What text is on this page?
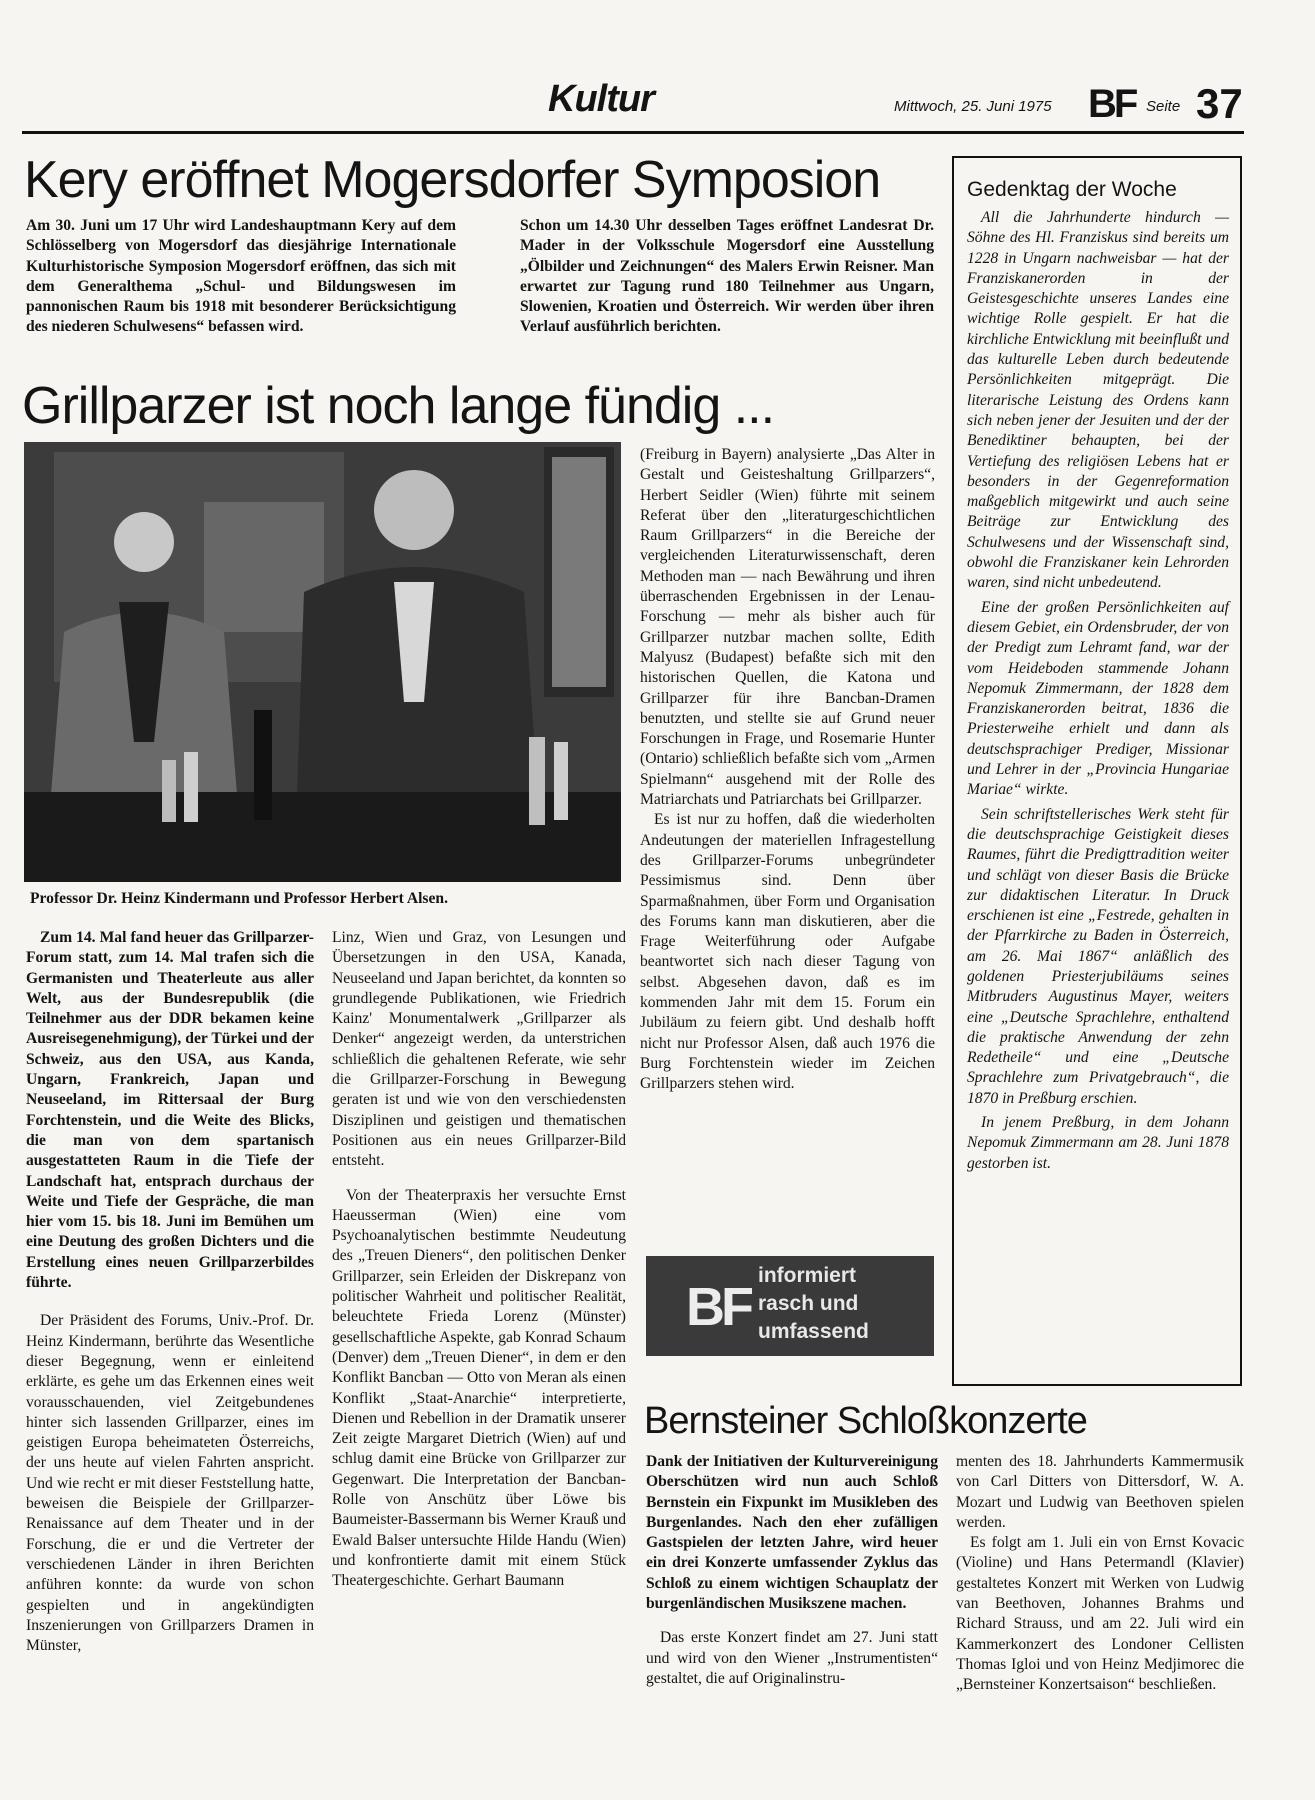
Kultur	Mittwoch, 25. Juni 1975 BF Seite 37
Kery eröffnet Mogersdorfer Symposion
Am 30. Juni um 17 Uhr wird Landeshauptmann Kery auf dem Schlösselberg von Mogersdorf das diesjährige Internationale Kulturhistorische Symposion Mogersdorf eröffnen, das sich mit dem Generalthema „Schul- und Bildungswesen im pannonischen Raum bis 1918 mit besonderer Berücksichtigung des niederen Schulwesens“ befassen wird.
Schon um 14.30 Uhr desselben Tages eröffnet Landesrat Dr. Mader in der Volksschule Mogersdorf eine Ausstellung „Ölbilder und Zeichnungen“ des Malers Erwin Reisner. Man erwartet zur Tagung rund 180 Teilnehmer aus Ungarn, Slowenien, Kroatien und Österreich. Wir werden über ihren Verlauf ausführlich berichten.
Grillparzer ist noch lange fündig ...
Professor Dr. Heinz Kindermann und Professor Herbert Alsen.

(Freiburg in Bayern) analysierte „Das Alter in Gestalt und Geisteshaltung Grillparzers“, Herbert Seidler (Wien) führte mit seinem Referat über den „literaturgeschichtlichen Raum Grillparzers“ in die Bereiche der vergleichenden Literaturwissenschaft, deren Methoden man — nach Bewährung und ihren überraschenden Ergebnissen in der Lenau-Forschung — mehr als bisher auch für Grillparzer nutzbar machen sollte, Edith Malyusz (Budapest) befaßte sich mit den historischen Quellen, die Katona und Grillparzer für ihre Bancban-Dramen benutzten, und stellte sie auf Grund neuer Forschungen in Frage, und Rosemarie Hunter (Ontario) schließlich befaßte sich vom „Armen Spielmann“ ausgehend mit der Rolle des Matriarchats und Patriarchats bei Grillparzer.

Es ist nur zu hoffen, daß die wiederholten Andeutungen der materiellen Infragestellung des Grillparzer-Forums unbegründeter Pessimismus sind. Denn über Sparmaßnahmen, über Form und Organisation des Forums kann man diskutieren, aber die Frage Weiterführung oder Aufgabe beantwortet sich nach dieser Tagung von selbst. Abgesehen davon, daß es im kommenden Jahr mit dem 15. Forum ein Jubiläum zu feiern gibt. Und deshalb hofft nicht nur Professor Alsen, daß auch 1976 die Burg Forchtenstein wieder im Zeichen Grillparzers stehen wird.

Zum 14. Mal fand heuer das Grillparzer-Forum statt, zum 14. Mal trafen sich die Germanisten und Theaterleute aus aller Welt, aus der Bundesrepublik (die Teilnehmer aus der DDR bekamen keine Ausreisegenehmigung), der Türkei und der Schweiz, aus den USA, aus Kanda, Ungarn, Frankreich, Japan und Neuseeland, im Rittersaal der Burg Forchtenstein, und die Weite des Blicks, die man von dem spartanisch ausgestatteten Raum in die Tiefe der Landschaft hat, entsprach durchaus der Weite und Tiefe der Gespräche, die man hier vom 15. bis 18. Juni im Bemühen um eine Deutung des großen Dichters und die Erstellung eines neuen Grillparzerbildes führte.

Der Präsident des Forums, Univ.-Prof. Dr. Heinz Kindermann, berührte das Wesentliche dieser Begegnung, wenn er einleitend erklärte, es gehe um das Erkennen eines weit vorausschauenden, viel Zeitgebundenes hinter sich lassenden Grillparzer, eines im geistigen Europa beheimateten Österreichs, der uns heute auf vielen Fahrten anspricht. Und wie recht er mit dieser Feststellung hatte, beweisen die Beispiele der Grillparzer-Renaissance auf dem Theater und in der Forschung, die er und die Vertreter der verschiedenen Länder in ihren Berichten anführen konnte: da wurde von schon gespielten und in angekündigten Inszenierungen von Grillparzers Dramen in Münster,

Linz, Wien und Graz, von Lesungen und Übersetzungen in den USA, Kanada, Neuseeland und Japan berichtet, da konnten so grundlegende Publikationen, wie Friedrich Kainz' Monumentalwerk „Grillparzer als Denker“ angezeigt werden, da unterstrichen schließlich die gehaltenen Referate, wie sehr die Grillparzer-Forschung in Bewegung geraten ist und wie von den verschiedensten Disziplinen und geistigen und thematischen Positionen aus ein neues Grillparzer-Bild entsteht.

Von der Theaterpraxis her versuchte Ernst Haeusserman (Wien) eine vom Psychoanalytischen bestimmte Neudeutung des „Treuen Dieners“, den politischen Denker Grillparzer, sein Erleiden der Diskrepanz von politischer Wahrheit und politischer Realität, beleuchtete Frieda Lorenz (Münster) gesellschaftliche Aspekte, gab Konrad Schaum (Denver) dem „Treuen Diener“, in dem er den Konflikt Bancban — Otto von Meran als einen Konflikt „Staat-Anarchie“ interpretierte, Dienen und Rebellion in der Dramatik unserer Zeit zeigte Margaret Dietrich (Wien) auf und schlug damit eine Brücke von Grillparzer zur Gegenwart. Die Interpretation der Bancban-Rolle von Anschütz über Löwe bis Baumeister-Bassermann bis Werner Krauß und Ewald Balser untersuchte Hilde Handu (Wien) und konfrontierte damit mit einem Stück Theatergeschichte. Gerhart Baumann

BF
informiert
rasch und
umfassend
Gedenktag der Woche

All die Jahrhunderte hindurch — Söhne des Hl. Franziskus sind bereits um 1228 in Ungarn nachweisbar — hat der Franziskanerorden in der Geistesgeschichte unseres Landes eine wichtige Rolle gespielt. Er hat die kirchliche Entwicklung mit beeinflußt und das kulturelle Leben durch bedeutende Persönlichkeiten mitgeprägt. Die literarische Leistung des Ordens kann sich neben jener der Jesuiten und der der Benediktiner behaupten, bei der Vertiefung des religiösen Lebens hat er besonders in der Gegenreformation maßgeblich mitgewirkt und auch seine Beiträge zur Entwicklung des Schulwesens und der Wissenschaft sind, obwohl die Franziskaner kein Lehrorden waren, sind nicht unbedeutend.

Eine der großen Persönlichkeiten auf diesem Gebiet, ein Ordensbruder, der von der Predigt zum Lehramt fand, war der vom Heideboden stammende Johann Nepomuk Zimmermann, der 1828 dem Franziskanerorden beitrat, 1836 die Priesterweihe erhielt und dann als deutschsprachiger Prediger, Missionar und Lehrer in der „Provincia Hungariae Mariae“ wirkte.

Sein schriftstellerisches Werk steht für die deutschsprachige Geistigkeit dieses Raumes, führt die Predigttradition weiter und schlägt von dieser Basis die Brücke zur didaktischen Literatur. In Druck erschienen ist eine „Festrede, gehalten in der Pfarrkirche zu Baden in Österreich, am 26. Mai 1867“ anläßlich des goldenen Priesterjubiläums seines Mitbruders Augustinus Mayer, weiters eine „Deutsche Sprachlehre, enthaltend die praktische Anwendung der zehn Redetheile“ und eine „Deutsche Sprachlehre zum Privatgebrauch“, die 1870 in Preßburg erschien.

In jenem Preßburg, in dem Johann Nepomuk Zimmermann am 28. Juni 1878 gestorben ist.

Bernsteiner Schloßkonzerte

Dank der Initiativen der Kulturvereinigung Oberschützen wird nun auch Schloß Bernstein ein Fixpunkt im Musikleben des Burgenlandes. Nach den eher zufälligen Gastspielen der letzten Jahre, wird heuer ein drei Konzerte umfassender Zyklus das Schloß zu einem wichtigen Schauplatz der burgenländischen Musikszene machen.

Das erste Konzert findet am 27. Juni statt und wird von den Wiener „Instrumentisten“ gestaltet, die auf Originalinstru-

menten des 18. Jahrhunderts Kammermusik von Carl Ditters von Dittersdorf, W. A. Mozart und Ludwig van Beethoven spielen werden.

Es folgt am 1. Juli ein von Ernst Kovacic (Violine) und Hans Petermandl (Klavier) gestaltetes Konzert mit Werken von Ludwig van Beethoven, Johannes Brahms und Richard Strauss, und am 22. Juli wird ein Kammerkonzert des Londoner Cellisten Thomas Igloi und von Heinz Medjimorec die „Bernsteiner Konzertsaison“ beschließen.
